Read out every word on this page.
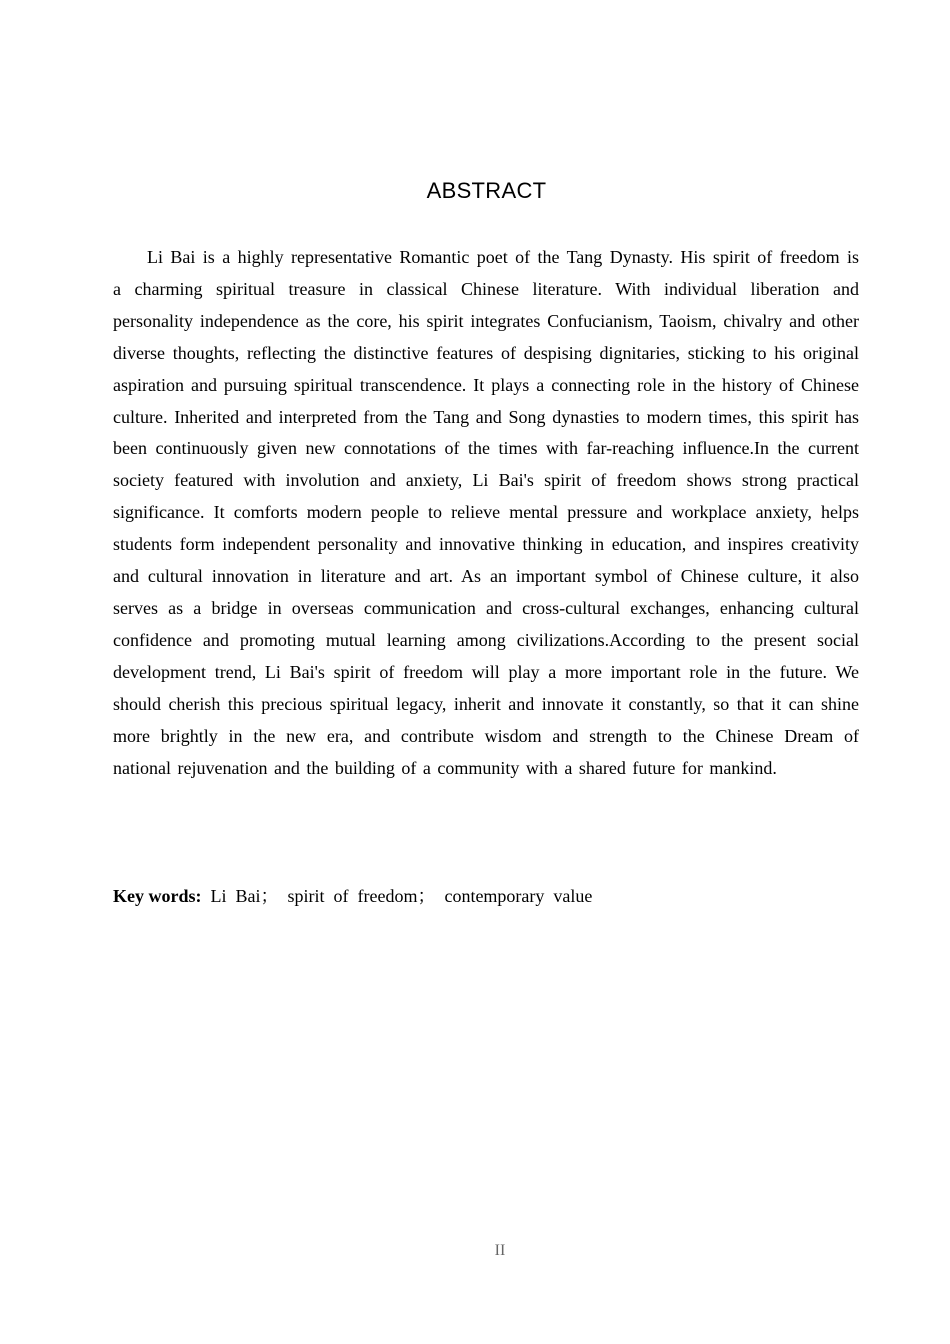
ABSTRACT

Li Bai is a highly representative Romantic poet of the Tang Dynasty. His spirit of freedom is a charming spiritual treasure in classical Chinese literature. With individual liberation and personality independence as the core, his spirit integrates Confucianism, Taoism, chivalry and other diverse thoughts, reflecting the distinctive features of despising dignitaries, sticking to his original aspiration and pursuing spiritual transcendence. It plays a connecting role in the history of Chinese culture. Inherited and interpreted from the Tang and Song dynasties to modern times, this spirit has been continuously given new connotations of the times with far-reaching influence.In the current society featured with involution and anxiety, Li Bai's spirit of freedom shows strong practical significance. It comforts modern people to relieve mental pressure and workplace anxiety, helps students form independent personality and innovative thinking in education, and inspires creativity and cultural innovation in literature and art. As an important symbol of Chinese culture, it also serves as a bridge in overseas communication and cross-cultural exchanges, enhancing cultural confidence and promoting mutual learning among civilizations.According to the present social development trend, Li Bai's spirit of freedom will play a more important role in the future. We should cherish this precious spiritual legacy, inherit and innovate it constantly, so that it can shine more brightly in the new era, and contribute wisdom and strength to the Chinese Dream of national rejuvenation and the building of a community with a shared future for mankind.

Key words:  Li  Bai；  spirit  of  freedom；  contemporary  value

II
